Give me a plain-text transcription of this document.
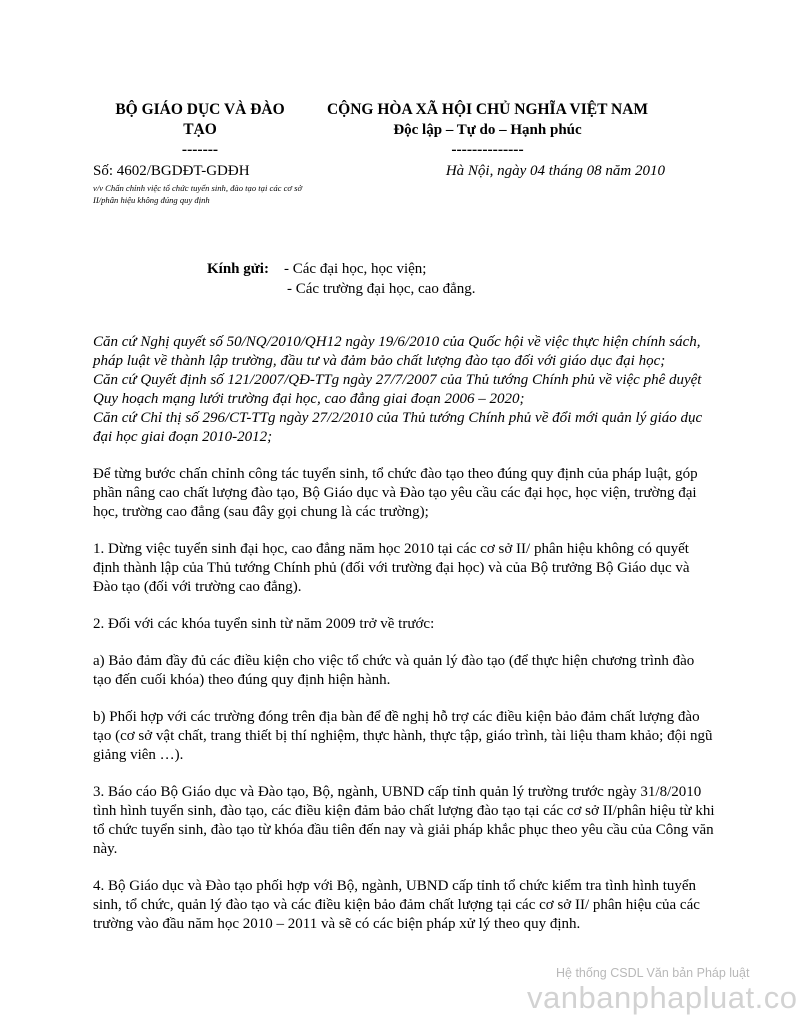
BỘ GIÁO DỤC VÀ ĐÀO TẠO
-------
CỘNG HÒA XÃ HỘI CHỦ NGHĨA VIỆT NAM
Độc lập – Tự do – Hạnh phúc
--------------
Số: 4602/BGDĐT-GDĐH
v/v Chấn chỉnh việc tổ chức tuyển sinh, đào tạo tại các cơ sở II/phân hiệu không đúng quy định
Hà Nội, ngày 04 tháng 08 năm 2010
Kính gửi: - Các đại học, học viện;
- Các trường đại học, cao đẳng.

Căn cứ Nghị quyết số 50/NQ/2010/QH12 ngày 19/6/2010 của Quốc hội về việc thực hiện chính sách, pháp luật về thành lập trường, đầu tư và đảm bảo chất lượng đào tạo đối với giáo dục đại học;

Căn cứ Quyết định số 121/2007/QĐ-TTg ngày 27/7/2007 của Thủ tướng Chính phủ về việc phê duyệt Quy hoạch mạng lưới trường đại học, cao đẳng giai đoạn 2006 – 2020;

Căn cứ Chỉ thị số 296/CT-TTg ngày 27/2/2010 của Thủ tướng Chính phủ về đổi mới quản lý giáo dục đại học giai đoạn 2010-2012;

Để từng bước chấn chỉnh công tác tuyển sinh, tổ chức đào tạo theo đúng quy định của pháp luật, góp phần nâng cao chất lượng đào tạo, Bộ Giáo dục và Đào tạo yêu cầu các đại học, học viện, trường đại học, trường cao đẳng (sau đây gọi chung là các trường);

1. Dừng việc tuyển sinh đại học, cao đẳng năm học 2010 tại các cơ sở II/ phân hiệu không có quyết định thành lập của Thủ tướng Chính phủ (đối với trường đại học) và của Bộ trưởng Bộ Giáo dục và Đào tạo (đối với trường cao đẳng).

2. Đối với các khóa tuyển sinh từ năm 2009 trở về trước:

a) Bảo đảm đầy đủ các điều kiện cho việc tổ chức và quản lý đào tạo (để thực hiện chương trình đào tạo đến cuối khóa) theo đúng quy định hiện hành.

b) Phối hợp với các trường đóng trên địa bàn để đề nghị hỗ trợ các điều kiện bảo đảm chất lượng đào tạo (cơ sở vật chất, trang thiết bị thí nghiệm, thực hành, thực tập, giáo trình, tài liệu tham khảo; đội ngũ giảng viên …).

3. Báo cáo Bộ Giáo dục và Đào tạo, Bộ, ngành, UBND cấp tỉnh quản lý trường trước ngày 31/8/2010 tình hình tuyển sinh, đào tạo, các điều kiện đảm bảo chất lượng đào tạo tại các cơ sở II/phân hiệu từ khi tổ chức tuyển sinh, đào tạo từ khóa đầu tiên đến nay và giải pháp khắc phục theo yêu cầu của Công văn này.

4. Bộ Giáo dục và Đào tạo phối hợp với Bộ, ngành, UBND cấp tỉnh tổ chức kiểm tra tình hình tuyển sinh, tổ chức, quản lý đào tạo và các điều kiện bảo đảm chất lượng tại các cơ sở II/ phân hiệu của các trường vào đầu năm học 2010 – 2011 và sẽ có các biện pháp xử lý theo quy định.

Hệ thống CSDL Văn bản Pháp luật
vanbanphapluat.co
